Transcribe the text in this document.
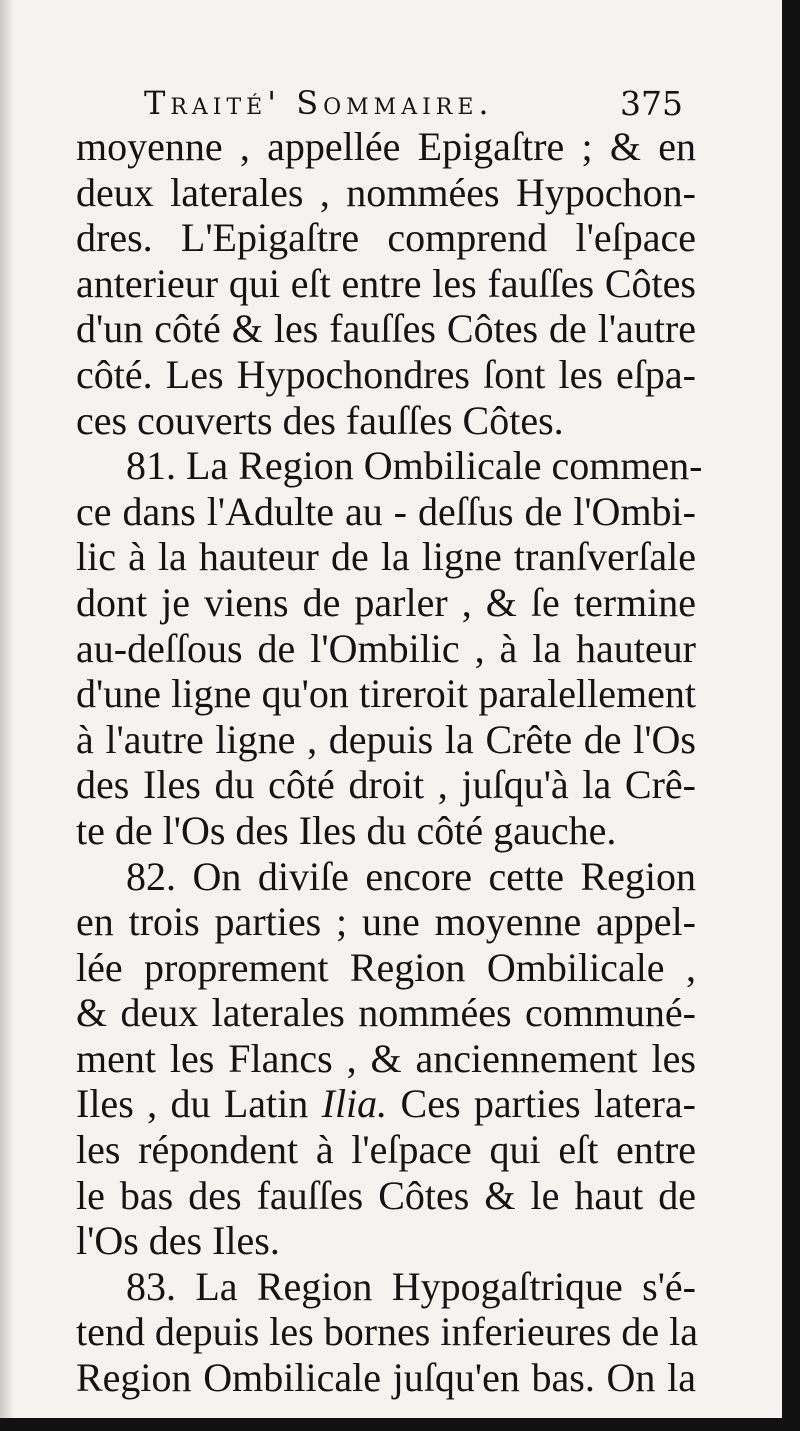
Traité' Sommaire.	375
moyenne , appellée Epigaſtre ; & en
deux laterales , nommées Hypochon-
dres. L'Epigaſtre comprend l'eſpace
anterieur qui eſt entre les fauſſes Côtes
d'un côté & les fauſſes Côtes de l'autre
côté. Les Hypochondres ſont les eſpa-
ces couverts des fauſſes Côtes.
81. La Region Ombilicale commen-
ce dans l'Adulte au - deſſus de l'Ombi-
lic à la hauteur de la ligne tranſverſale
dont je viens de parler , & ſe termine
au-deſſous de l'Ombilic , à la hauteur
d'une ligne qu'on tireroit paralellement
à l'autre ligne , depuis la Crête de l'Os
des Iles du côté droit , juſqu'à la Crê-
te de l'Os des Iles du côté gauche.
82. On diviſe encore cette Region
en trois parties ; une moyenne appel-
lée proprement Region Ombilicale ,
& deux laterales nommées communé-
ment les Flancs , & anciennement les
Iles , du Latin Ilia. Ces parties latera-
les répondent à l'eſpace qui eſt entre
le bas des fauſſes Côtes & le haut de
l'Os des Iles.
83. La Region Hypogaſtrique s'é-
tend depuis les bornes inferieures de la
Region Ombilicale juſqu'en bas. On la
